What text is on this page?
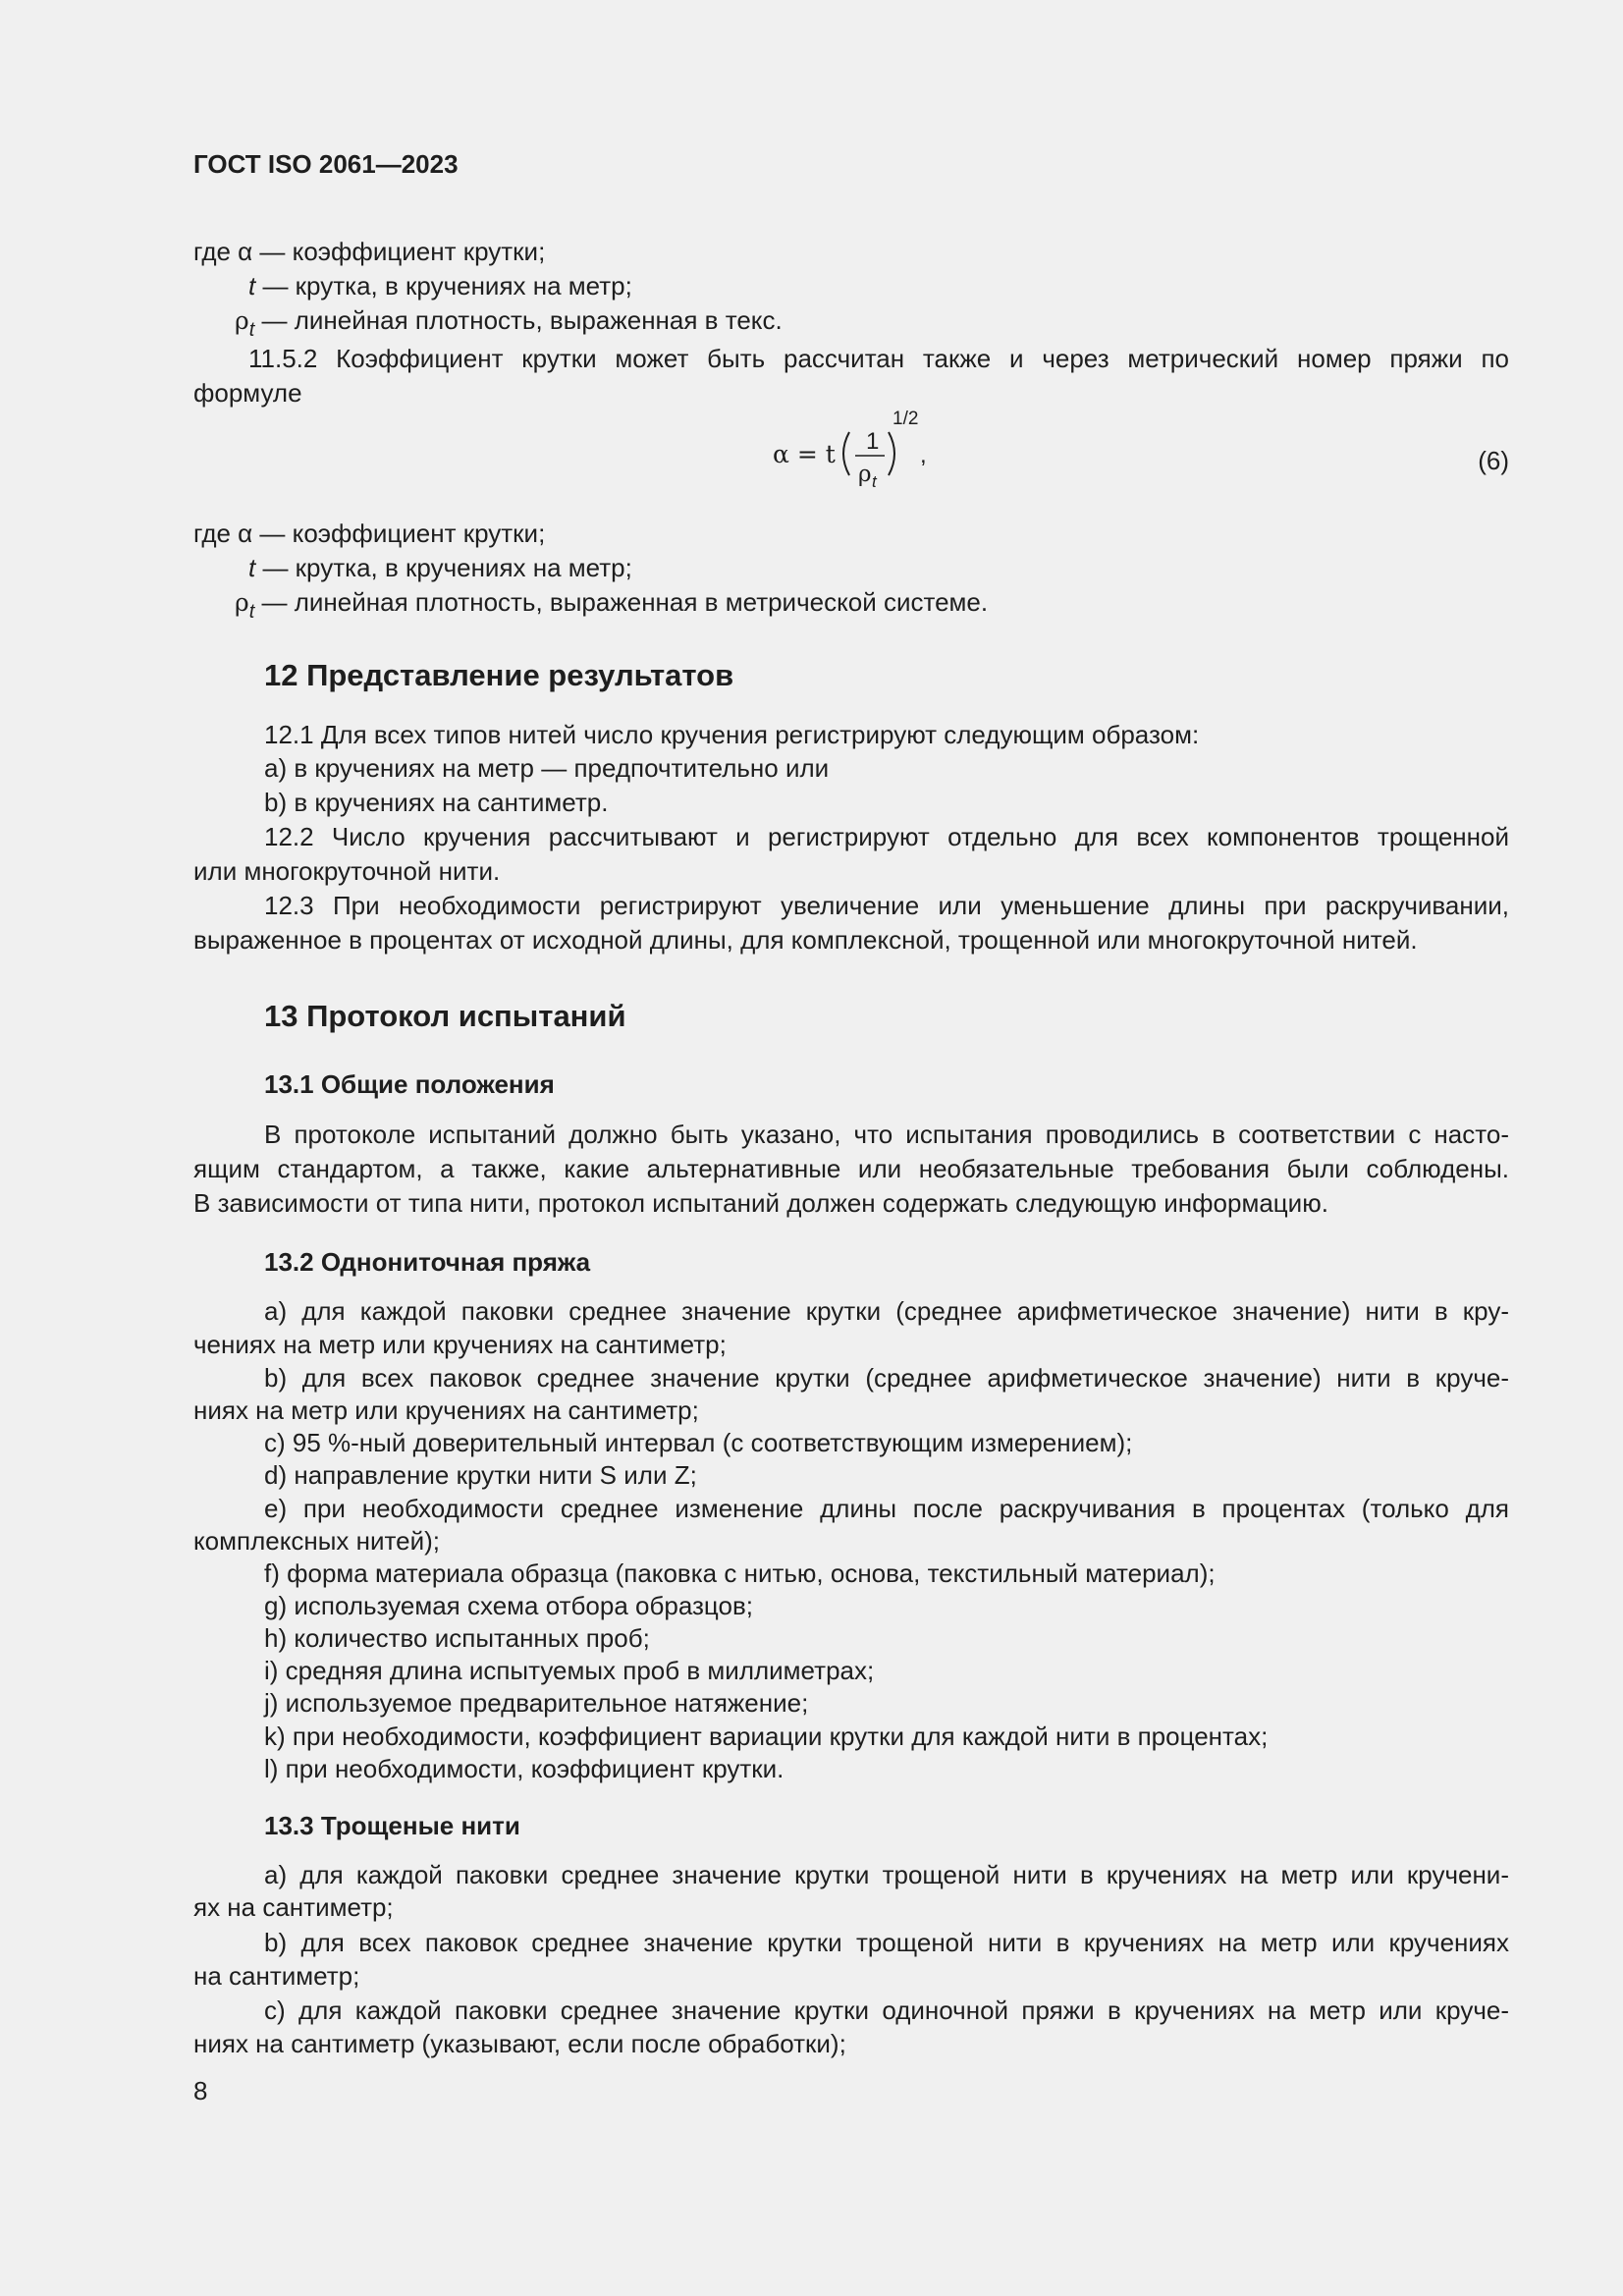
ГОСТ ISO 2061—2023
где α — коэффициент крутки;
t — крутка, в кручениях на метр;
$\rho_t$ — линейная плотность, выраженная в текс.
11.5.2 Коэффициент крутки может быть рассчитан также и через метрический номер пряжи по
формуле
α = t 1
ρ t
1/2
,	(6)
где α — коэффициент крутки;
t — крутка, в кручениях на метр;
$\rho_t$ — линейная плотность, выраженная в метрической системе.
12 Представление результатов
12.1 Для всех типов нитей число кручения регистрируют следующим образом:
a) в кручениях на метр — предпочтительно или
b) в кручениях на сантиметр.
12.2 Число кручения рассчитывают и регистрируют отдельно для всех компонентов трощенной
или многокруточной нити.
12.3 При необходимости регистрируют увеличение или уменьшение длины при раскручивании,
выраженное в процентах от исходной длины, для комплексной, трощенной или многокруточной нитей.
13 Протокол испытаний
13.1 Общие положения
В протоколе испытаний должно быть указано, что испытания проводились в соответствии с насто-
ящим стандартом, а также, какие альтернативные или необязательные требования были соблюдены.
В зависимости от типа нити, протокол испытаний должен содержать следующую информацию.
13.2 Однониточная пряжа
a) для каждой паковки среднее значение крутки (среднее арифметическое значение) нити в кру-
чениях на метр или кручениях на сантиметр;
b) для всех паковок среднее значение крутки (среднее арифметическое значение) нити в круче-
ниях на метр или кручениях на сантиметр;
c) 95 %-ный доверительный интервал (с соответствующим измерением);
d) направление крутки нити S или Z;
e) при необходимости среднее изменение длины после раскручивания в процентах (только для
комплексных нитей);
f) форма материала образца (паковка с нитью, основа, текстильный материал);
g) используемая схема отбора образцов;
h) количество испытанных проб;
i) средняя длина испытуемых проб в миллиметрах;
j) используемое предварительное натяжение;
k) при необходимости, коэффициент вариации крутки для каждой нити в процентах;
l) при необходимости, коэффициент крутки.
13.3 Трощеные нити
a) для каждой паковки среднее значение крутки трощеной нити в кручениях на метр или кручени-
ях на сантиметр;
b) для всех паковок среднее значение крутки трощеной нити в кручениях на метр или кручениях
на сантиметр;
c) для каждой паковки среднее значение крутки одиночной пряжи в кручениях на метр или круче-
ниях на сантиметр (указывают, если после обработки);
8
